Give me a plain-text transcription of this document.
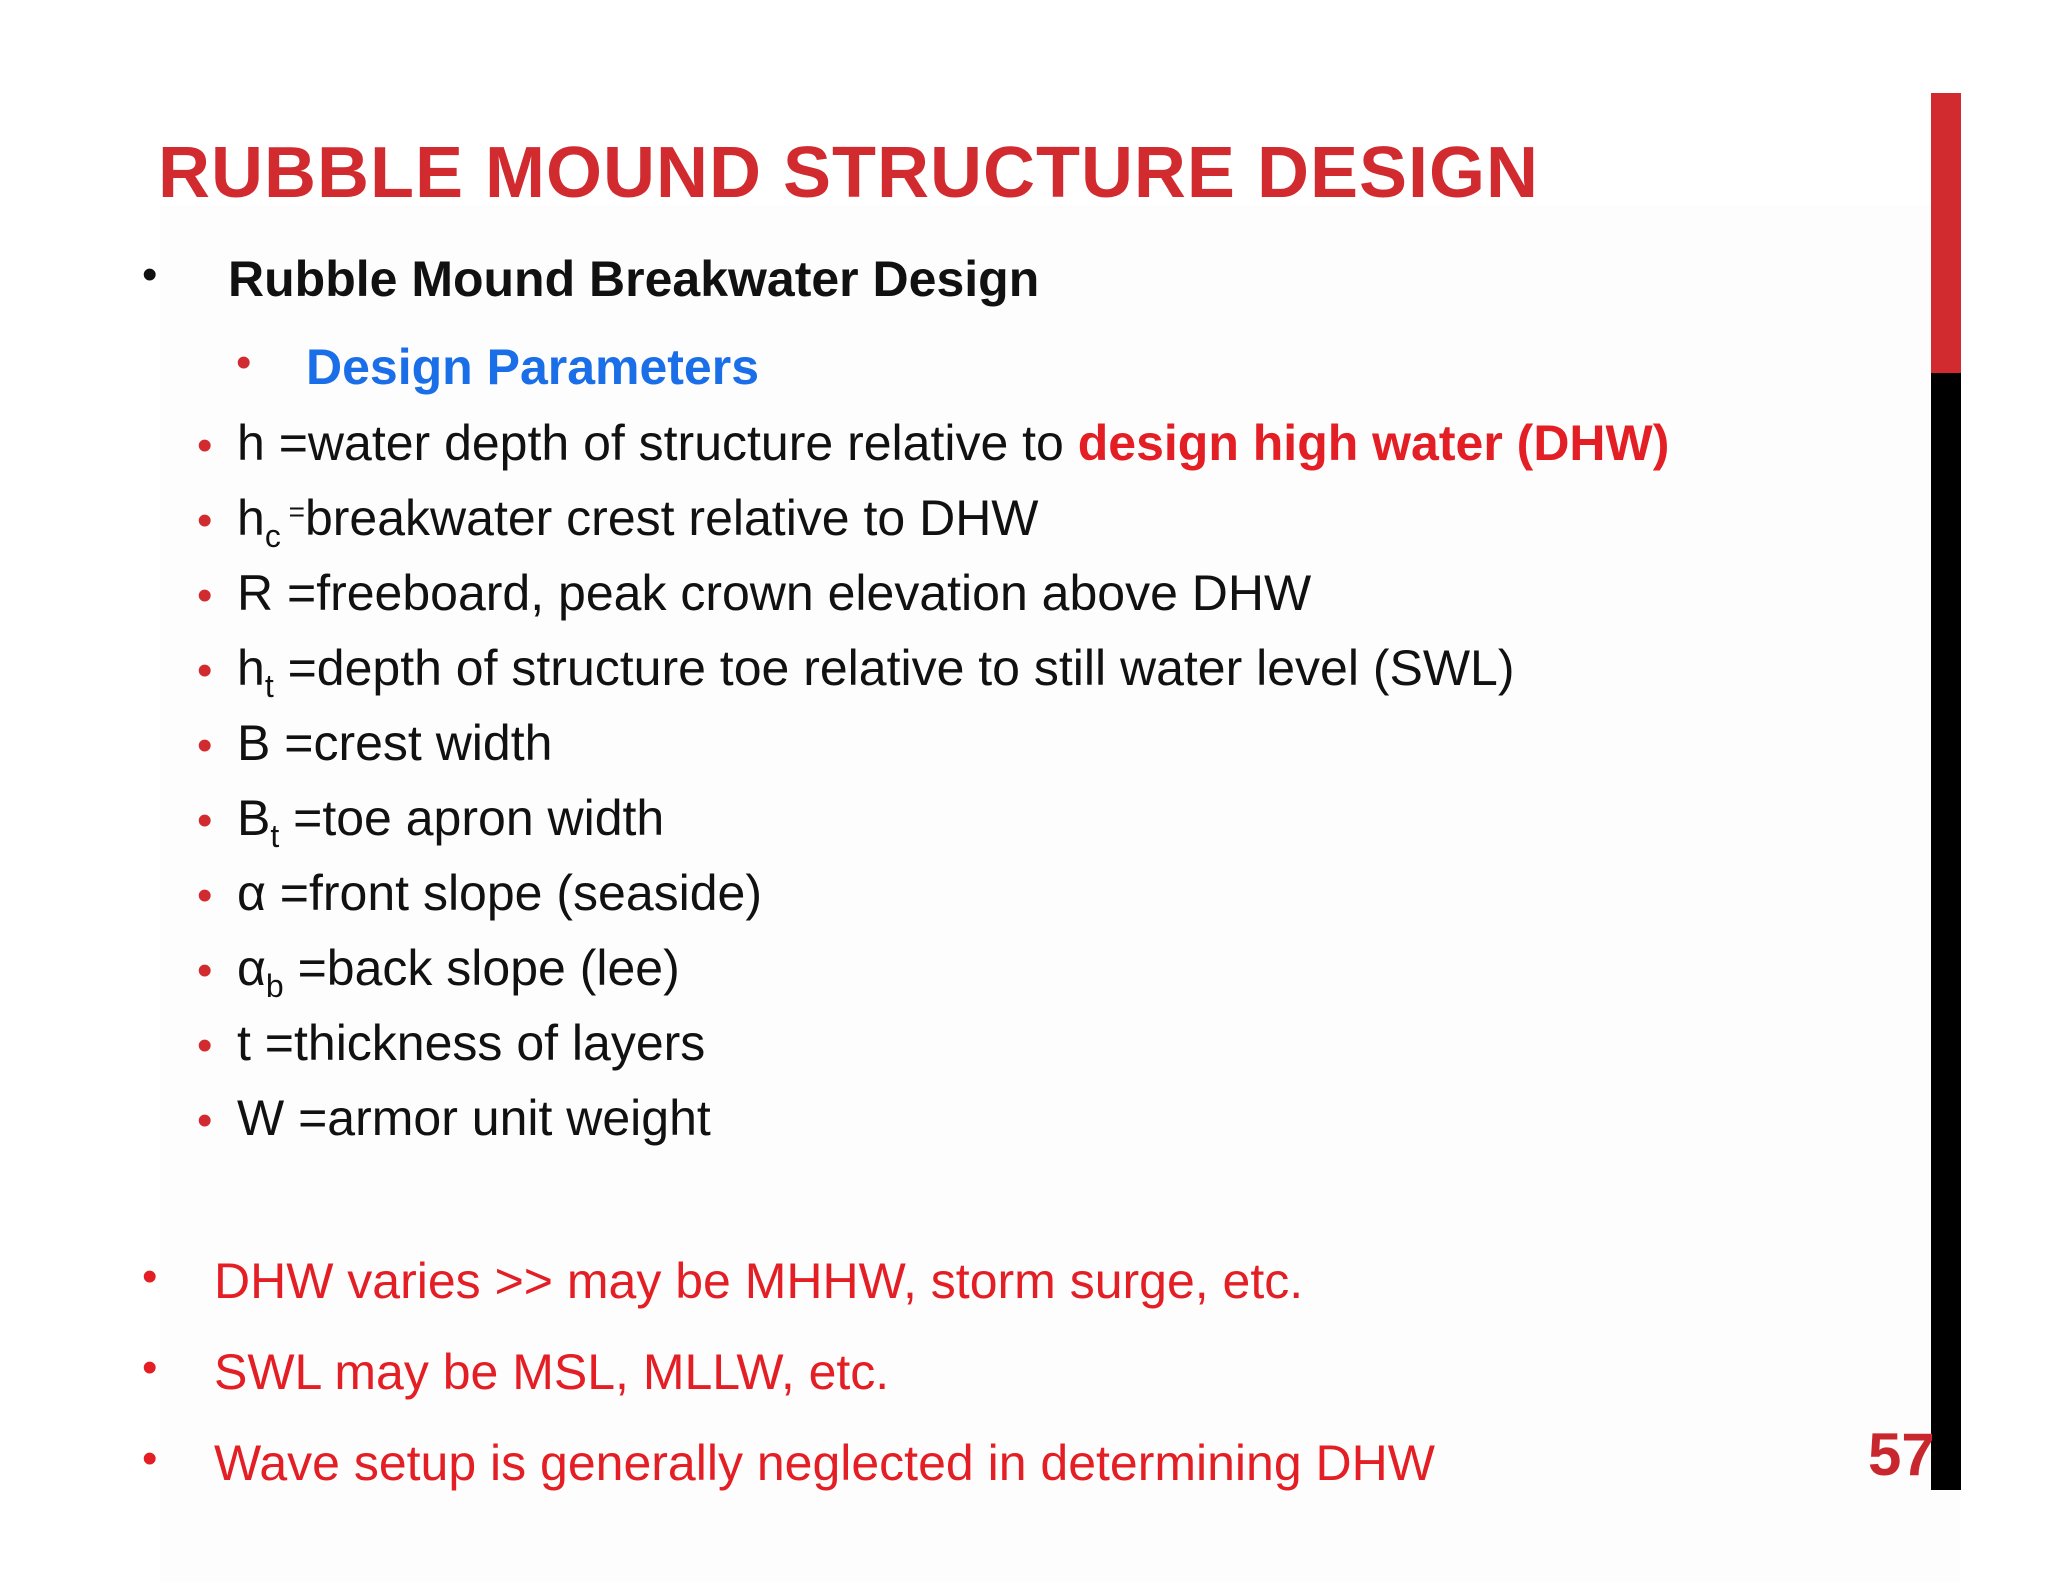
RUBBLE MOUND STRUCTURE DESIGN
• Rubble Mound Breakwater Design
• Design Parameters
• h =water depth of structure relative to design high water (DHW)
• $h_c$ =breakwater crest relative to DHW
• R =freeboard, peak crown elevation above DHW
• $h_t$ =depth of structure toe relative to still water level (SWL)
• B =crest width
• $B_t =toe$ apron width
• α =front slope (seaside)
• $\alpha_b$ =back slope (lee)
• t =thickness of layers
• W =armor unit weight
• DHW varies >> may be MHHW, storm surge, etc.
• SWL may be MSL, MLLW, etc.
• Wave setup is generally neglected in determining DHW	57
